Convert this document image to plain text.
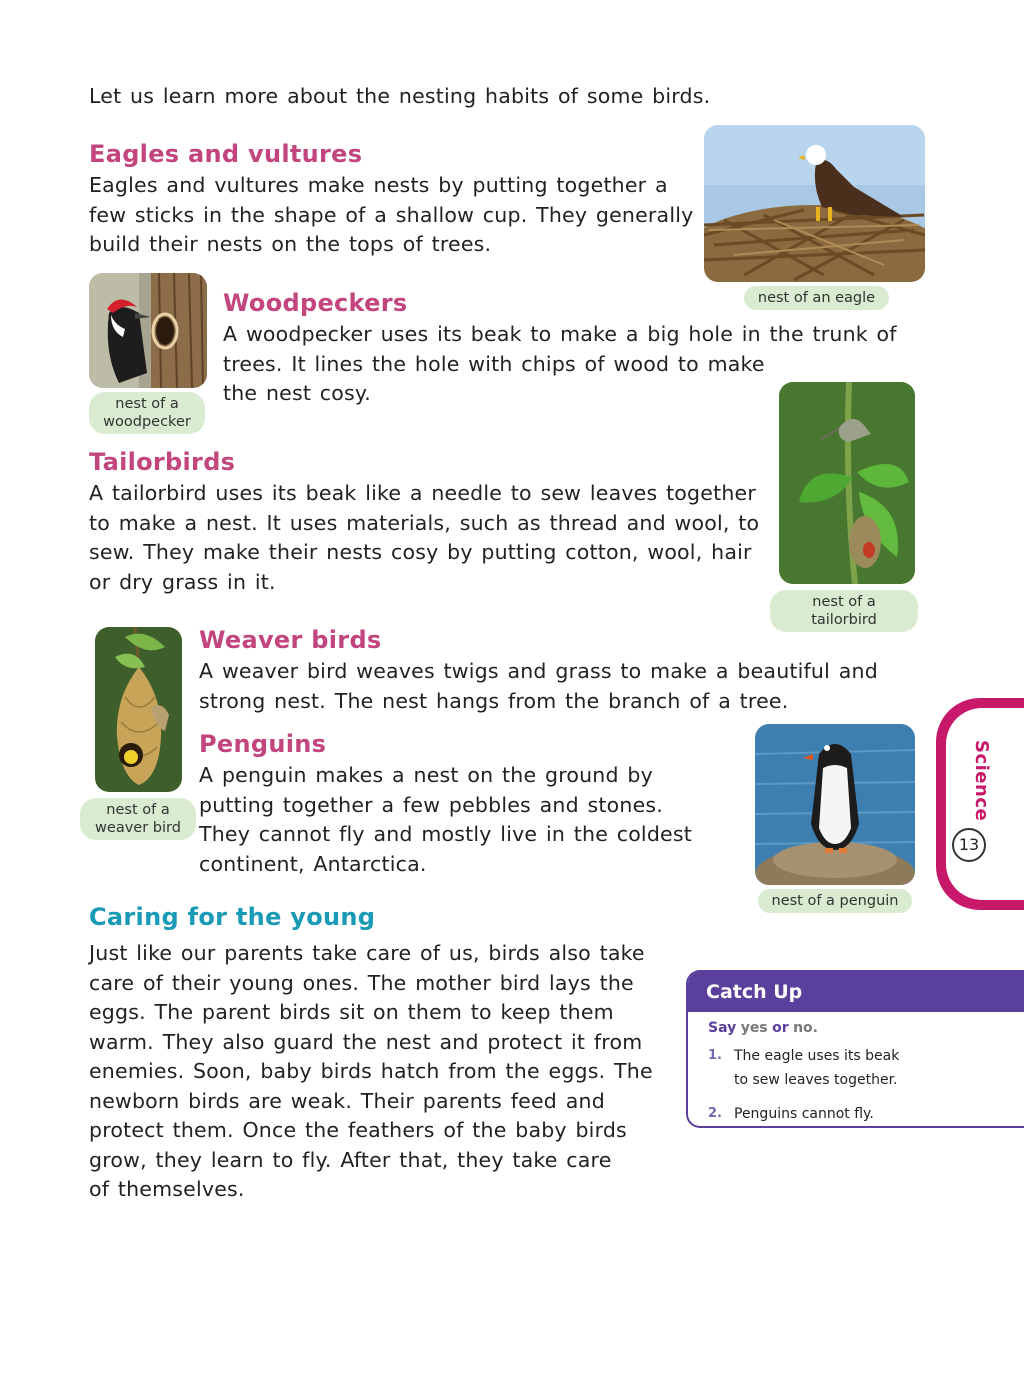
Let us learn more about the nesting habits of some birds.

Eagles and vultures

Eagles and vultures make nests by putting together a

few sticks in the shape of a shallow cup. They generally

build their nests on the tops of trees.

nest of an eagle
nest of a
woodpecker
Woodpeckers

A woodpecker uses its beak to make a big hole in the trunk of

trees. It lines the hole with chips of wood to make

the nest cosy.

nest of a tailorbird
Tailorbirds

A tailorbird uses its beak like a needle to sew leaves together

to make a nest. It uses materials, such as thread and wool, to

sew. They make their nests cosy by putting cotton, wool, hair

or dry grass in it.

nest of a
weaver bird
Weaver birds

A weaver bird weaves twigs and grass to make a beautiful and

strong nest. The nest hangs from the branch of a tree.

Penguins

A penguin makes a nest on the ground by

putting together a few pebbles and stones.

They cannot fly and mostly live in the coldest

continent, Antarctica.

nest of a penguin
Science
13
Caring for the young

Just like our parents take care of us, birds also take

care of their young ones. The mother bird lays the

eggs. The parent birds sit on them to keep them

warm. They also guard the nest and protect it from

enemies. Soon, baby birds hatch from the eggs. The

newborn birds are weak. Their parents feed and

protect them. Once the feathers of the baby birds

grow, they learn to fly. After that, they take care

of themselves.

Catch Up
Say yes or no.
1. The eagle uses its beak
to sew leaves together.
2. Penguins cannot fly.
